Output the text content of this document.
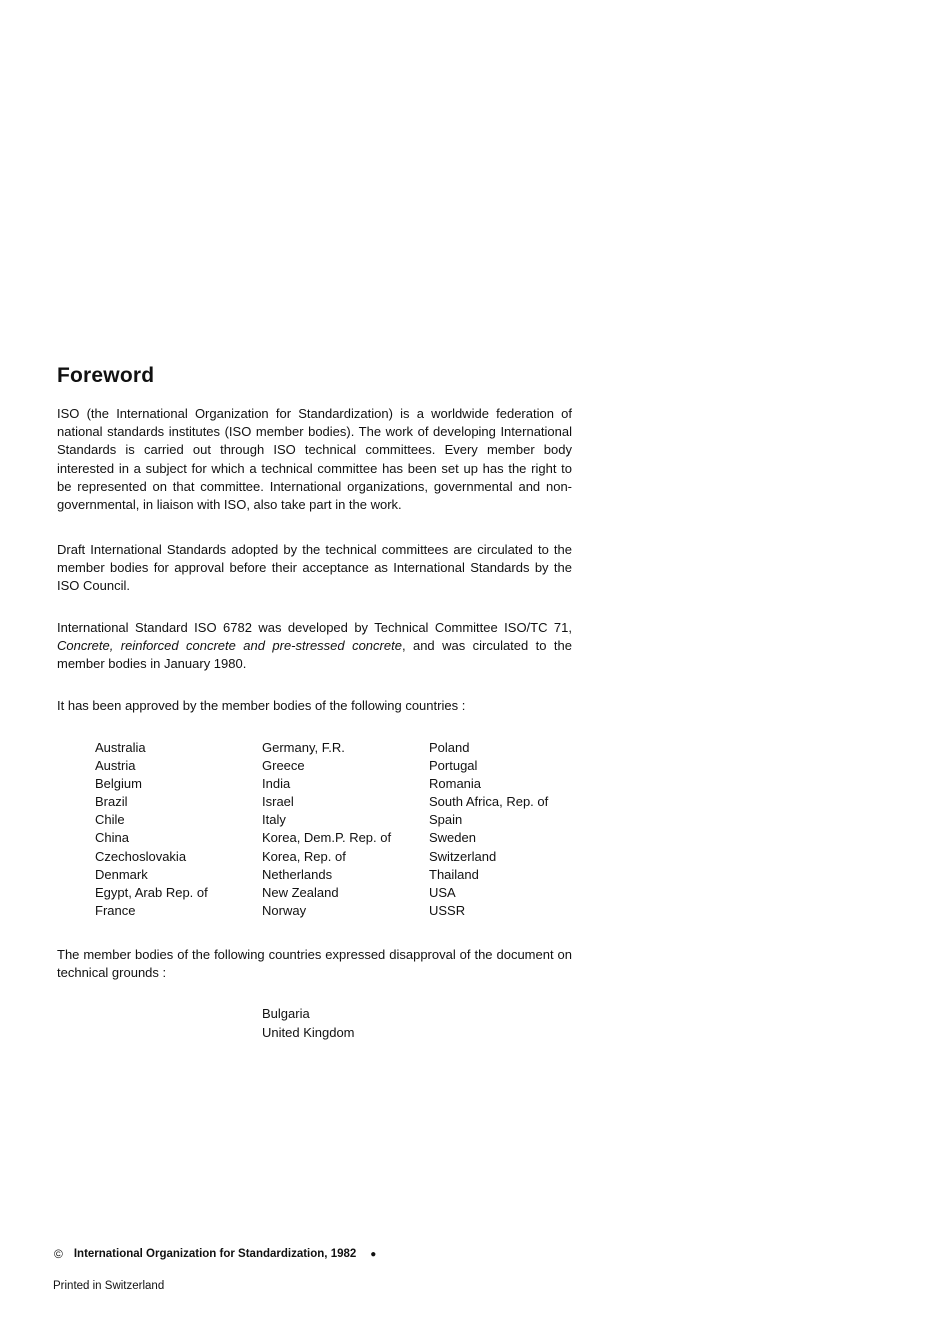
Foreword

ISO (the International Organization for Standardization) is a worldwide federation of national standards institutes (ISO member bodies). The work of developing International Standards is carried out through ISO technical committees. Every member body interested in a subject for which a technical committee has been set up has the right to be represented on that committee. International organizations, governmental and non-governmental, in liaison with ISO, also take part in the work.

Draft International Standards adopted by the technical committees are circulated to the member bodies for approval before their acceptance as International Standards by the ISO Council.

International Standard ISO 6782 was developed by Technical Committee ISO/TC 71, Concrete, reinforced concrete and pre-stressed concrete, and was circulated to the member bodies in January 1980.

It has been approved by the member bodies of the following countries :

Australia
Austria
Belgium
Brazil
Chile
China
Czechoslovakia
Denmark
Egypt, Arab Rep. of
France
Germany, F.R.
Greece
India
Israel
Italy
Korea, Dem.P. Rep. of
Korea, Rep. of
Netherlands
New Zealand
Norway
Poland
Portugal
Romania
South Africa, Rep. of
Spain
Sweden
Switzerland
Thailand
USA
USSR

The member bodies of the following countries expressed disapproval of the document on technical grounds :

Bulgaria
United Kingdom
© International Organization for Standardization, 1982 ●
Printed in Switzerland
